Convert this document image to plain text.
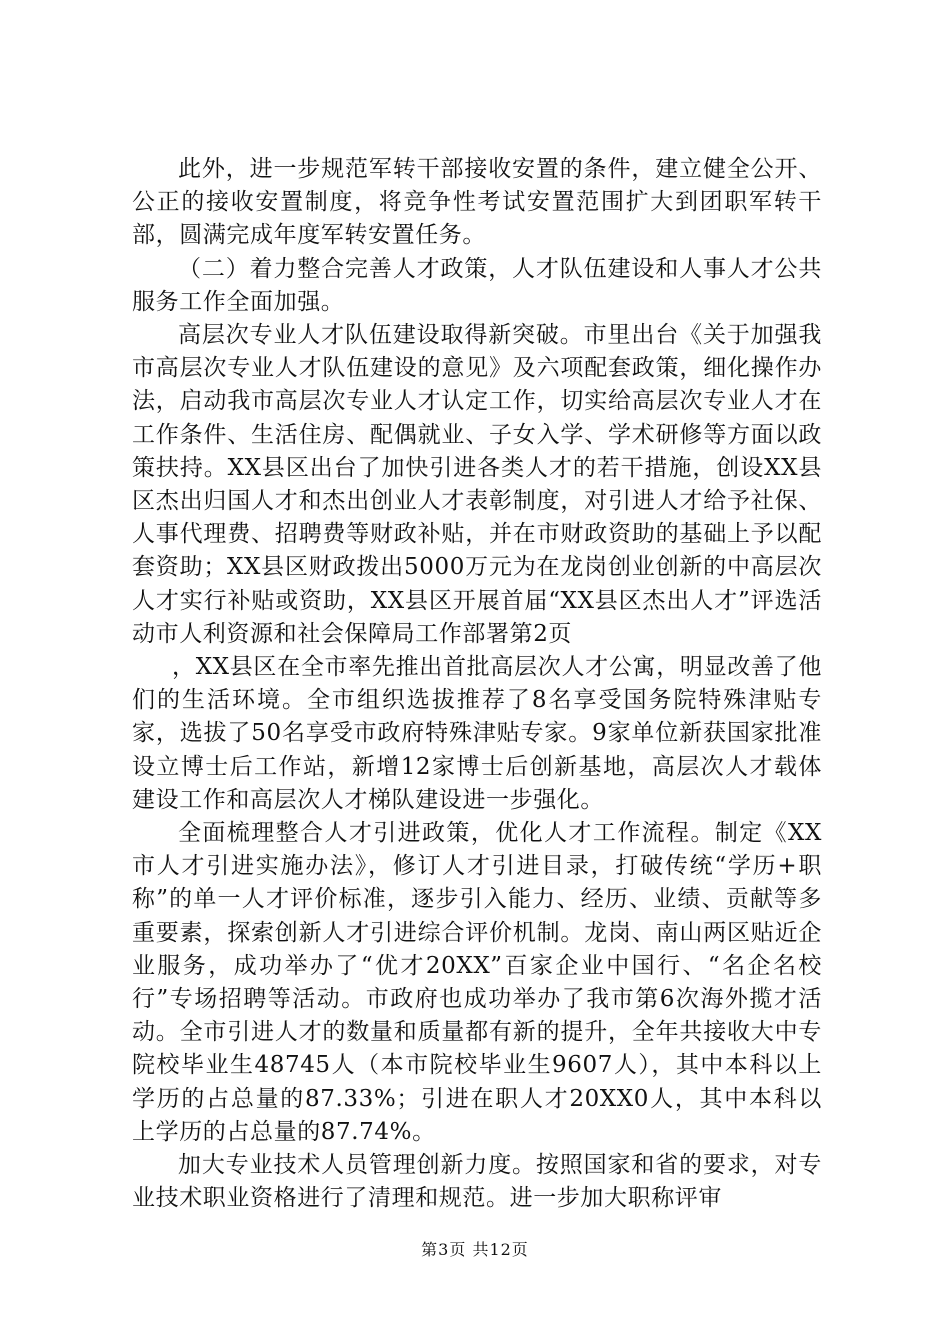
此外，进一步规范军转干部接收安置的条件，建立健全公开、公正的接收安置制度，将竞争性考试安置范围扩大到团职军转干部，圆满完成年度军转安置任务。

（二）着力整合完善人才政策，人才队伍建设和人事人才公共服务工作全面加强。

高层次专业人才队伍建设取得新突破。市里出台《关于加强我市高层次专业人才队伍建设的意见》及六项配套政策，细化操作办法，启动我市高层次专业人才认定工作，切实给高层次专业人才在工作条件、生活住房、配偶就业、子女入学、学术研修等方面以政策扶持。XX县区出台了加快引进各类人才的若干措施，创设XX县区杰出归国人才和杰出创业人才表彰制度，对引进人才给予社保、人事代理费、招聘费等财政补贴，并在市财政资助的基础上予以配套资助；XX县区财政拨出5000万元为在龙岗创业创新的中高层次人才实行补贴或资助，XX县区开展首届“XX县区杰出人才”评选活动市人利资源和社会保障局工作部署第2页

，XX县区在全市率先推出首批高层次人才公寓，明显改善了他们的生活环境。全市组织选拔推荐了8名享受国务院特殊津贴专家，选拔了50名享受市政府特殊津贴专家。9家单位新获国家批准设立博士后工作站，新增12家博士后创新基地，高层次人才载体建设工作和高层次人才梯队建设进一步强化。

全面梳理整合人才引进政策，优化人才工作流程。制定《XX市人才引进实施办法》，修订人才引进目录，打破传统“学历+职称”的单一人才评价标准，逐步引入能力、经历、业绩、贡献等多重要素，探索创新人才引进综合评价机制。龙岗、南山两区贴近企业服务，成功举办了“优才20XX”百家企业中国行、“名企名校行”专场招聘等活动。市政府也成功举办了我市第6次海外揽才活动。全市引进人才的数量和质量都有新的提升，全年共接收大中专院校毕业生48745人（本市院校毕业生9607人），其中本科以上学历的占总量的87.33%；引进在职人才20XX0人，其中本科以上学历的占总量的87.74%。

加大专业技术人员管理创新力度。按照国家和省的要求，对专业技术职业资格进行了清理和规范。进一步加大职称评审

第3页 共12页
